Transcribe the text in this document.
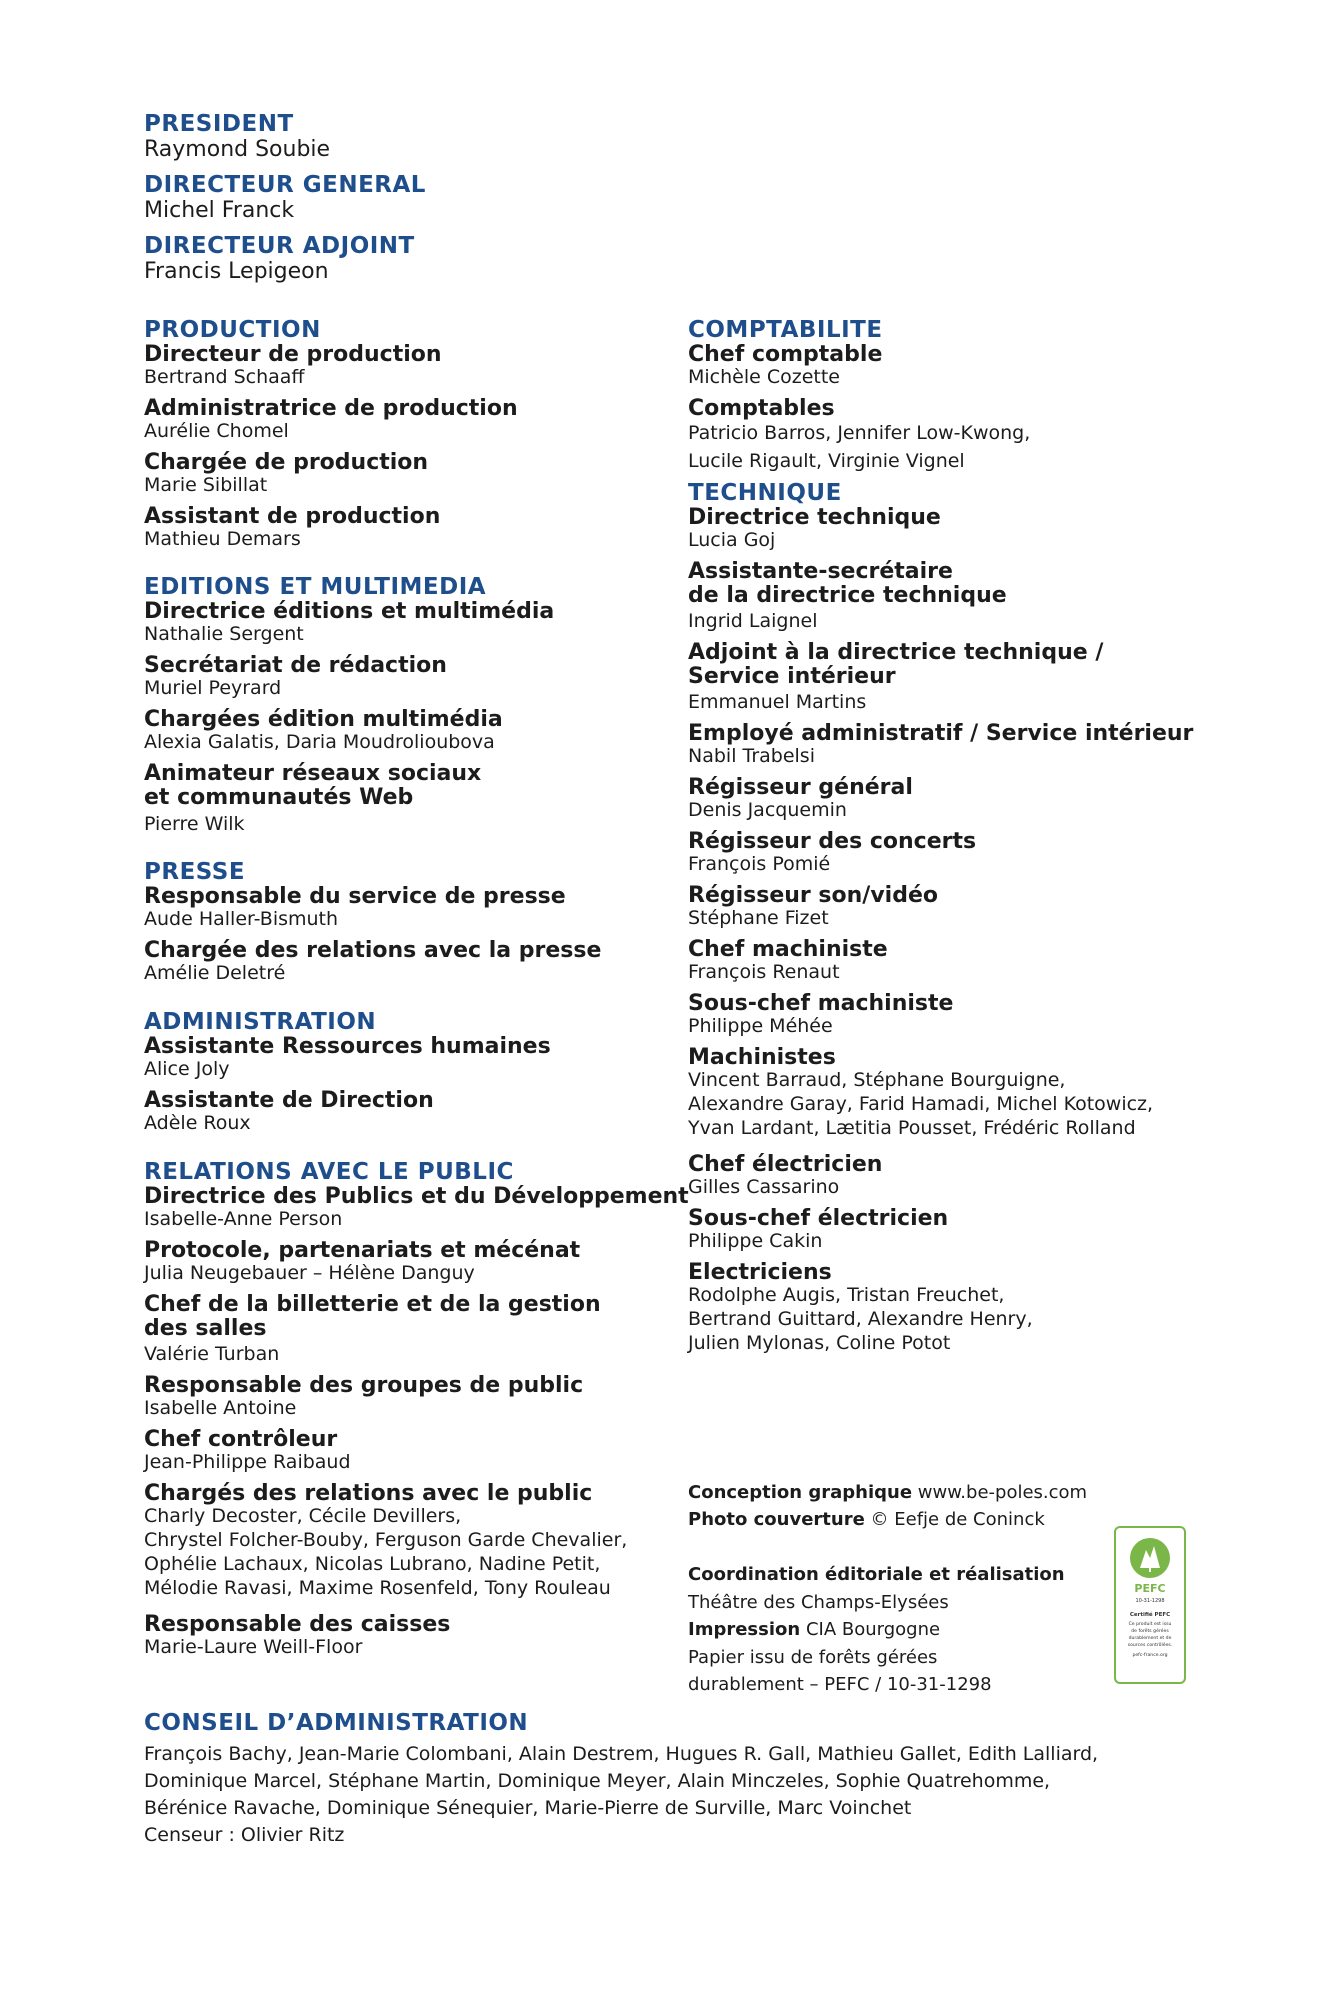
PRESIDENT
Raymond Soubie
DIRECTEUR GENERAL
Michel Franck
DIRECTEUR ADJOINT
Francis Lepigeon
PRODUCTION
Directeur de production
Bertrand Schaaff
Administratrice de production
Aurélie Chomel
Chargée de production
Marie Sibillat
Assistant de production
Mathieu Demars
EDITIONS ET MULTIMEDIA
Directrice éditions et multimédia
Nathalie Sergent
Secrétariat de rédaction
Muriel Peyrard
Chargées édition multimédia
Alexia Galatis, Daria Moudrolioubova
Animateur réseaux sociaux
et communautés Web
Pierre Wilk
PRESSE
Responsable du service de presse
Aude Haller-Bismuth
Chargée des relations avec la presse
Amélie Deletré
ADMINISTRATION
Assistante Ressources humaines
Alice Joly
Assistante de Direction
Adèle Roux
RELATIONS AVEC LE PUBLIC
Directrice des Publics et du Développement
Isabelle-Anne Person
Protocole, partenariats et mécénat
Julia Neugebauer – Hélène Danguy
Chef de la billetterie et de la gestion
des salles
Valérie Turban
Responsable des groupes de public
Isabelle Antoine
Chef contrôleur
Jean-Philippe Raibaud
Chargés des relations avec le public
Charly Decoster, Cécile Devillers,
Chrystel Folcher-Bouby, Ferguson Garde Chevalier,
Ophélie Lachaux, Nicolas Lubrano, Nadine Petit,
Mélodie Ravasi, Maxime Rosenfeld, Tony Rouleau
Responsable des caisses
Marie-Laure Weill-Floor
COMPTABILITE
Chef comptable
Michèle Cozette
Comptables
Patricio Barros, Jennifer Low-Kwong,
Lucile Rigault, Virginie Vignel
TECHNIQUE
Directrice technique
Lucia Goj
Assistante-secrétaire
de la directrice technique
Ingrid Laignel
Adjoint à la directrice technique /
Service intérieur
Emmanuel Martins
Employé administratif / Service intérieur
Nabil Trabelsi
Régisseur général
Denis Jacquemin
Régisseur des concerts
François Pomié
Régisseur son/vidéo
Stéphane Fizet
Chef machiniste
François Renaut
Sous-chef machiniste
Philippe Méhée
Machinistes
Vincent Barraud, Stéphane Bourguigne,
Alexandre Garay, Farid Hamadi, Michel Kotowicz,
Yvan Lardant, Lætitia Pousset, Frédéric Rolland
Chef électricien
Gilles Cassarino
Sous-chef électricien
Philippe Cakin
Electriciens
Rodolphe Augis, Tristan Freuchet,
Bertrand Guittard, Alexandre Henry,
Julien Mylonas, Coline Potot
Conception graphique www.be-poles.com
Photo couverture © Eefje de Coninck
Coordination éditoriale et réalisation
Théâtre des Champs-Elysées
Impression CIA Bourgogne
Papier issu de forêts gérées
durablement – PEFC / 10-31-1298
PEFC
10-31-1298
Certifié PEFC
Ce produit est issu
de forêts gérées
durablement et de
sources contrôlées.
pefc-france.org
CONSEIL D’ADMINISTRATION
François Bachy, Jean-Marie Colombani, Alain Destrem, Hugues R. Gall, Mathieu Gallet, Edith Lalliard,
Dominique Marcel, Stéphane Martin, Dominique Meyer, Alain Minczeles, Sophie Quatrehomme,
Bérénice Ravache, Dominique Sénequier, Marie-Pierre de Surville, Marc Voinchet
Censeur : Olivier Ritz
